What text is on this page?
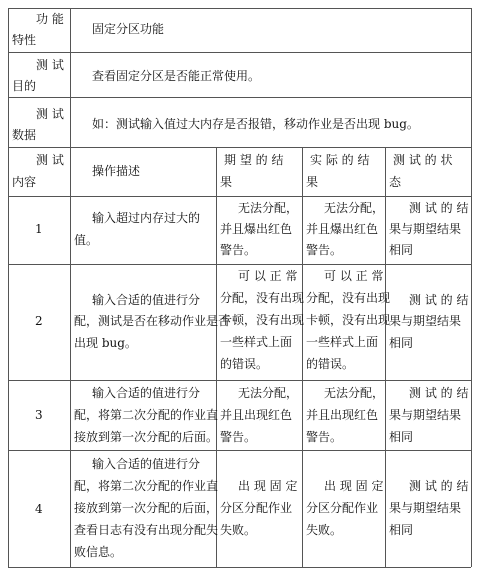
功 能
特性
固定分区功能
测 试
目的
查看固定分区是否能正常使用。
测 试
数据
如：测试输入值过大内存是否报错，移动作业是否出现 bug。
测 试
内容
操作描述
期 望 的 结
果
实 际 的 结
果
测 试 的 状
态
1
输入超过内存过大的
值。
无法分配，
并且爆出红色
警告。
无法分配，
并且爆出红色
警告。
测 试 的 结
果与期望结果
相同
2
输入合适的值进行分
配，测试是否在移动作业是否
出现 bug。
可 以 正 常
分配，没有出现
卡顿，没有出现
一些样式上面
的错误。
可 以 正 常
分配，没有出现
卡顿，没有出现
一些样式上面
的错误。
测 试 的 结
果与期望结果
相同
3
输入合适的值进行分
配，将第二次分配的作业直
接放到第一次分配的后面。
无法分配，
并且出现红色
警告。
无法分配，
并且出现红色
警告。
测 试 的 结
果与期望结果
相同
4
输入合适的值进行分
配，将第二次分配的作业直
接放到第一次分配的后面，
查看日志有没有出现分配失
败信息。
出 现 固 定
分区分配作业
失败。
出 现 固 定
分区分配作业
失败。
测 试 的 结
果与期望结果
相同
